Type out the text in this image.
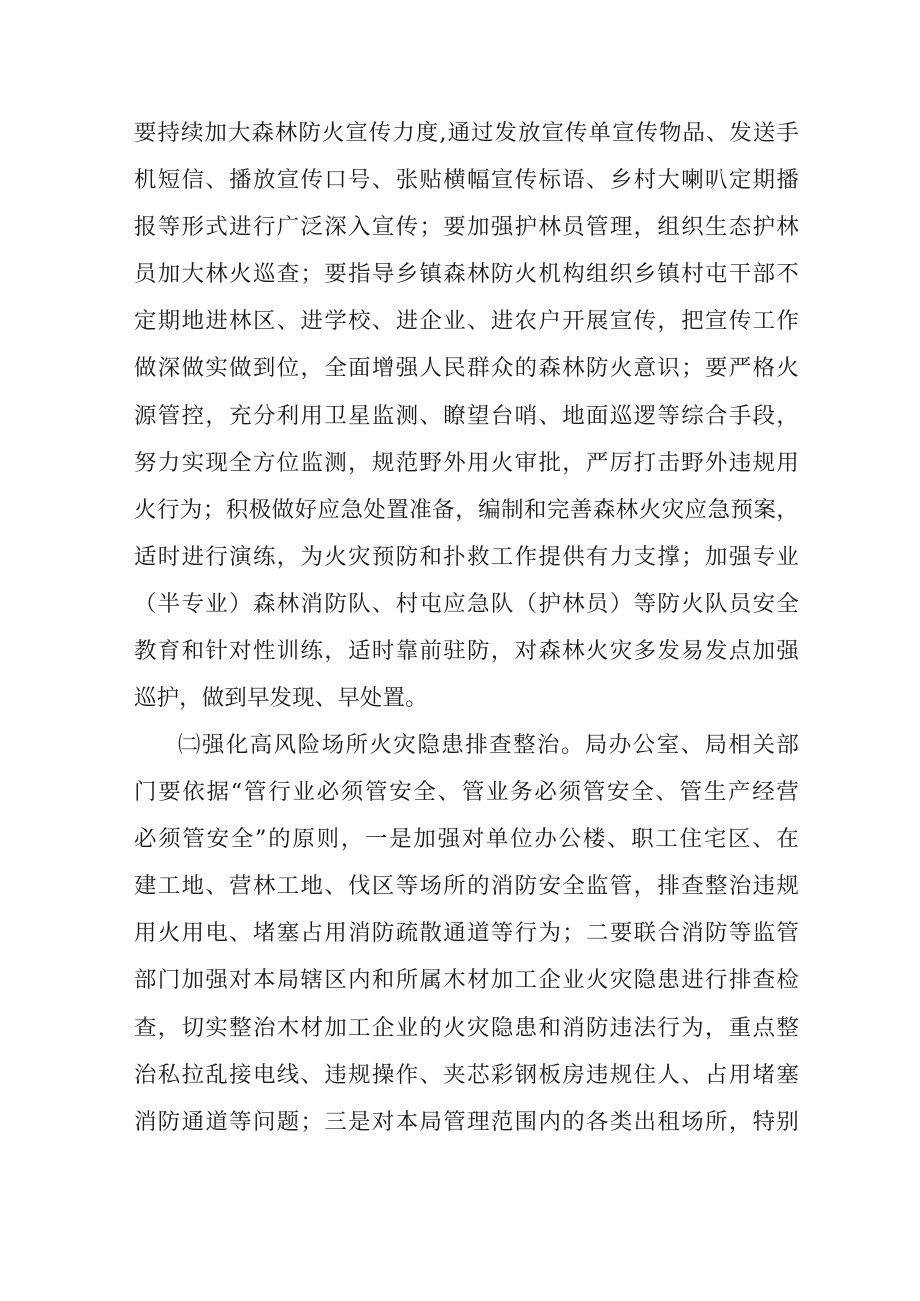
要持续加大森林防火宣传力度,通过发放宣传单宣传物品、发送手
机短信、播放宣传口号、张贴横幅宣传标语、乡村大喇叭定期播
报等形式进行广泛深入宣传；要加强护林员管理，组织生态护林
员加大林火巡查；要指导乡镇森林防火机构组织乡镇村屯干部不
定期地进林区、进学校、进企业、进农户开展宣传，把宣传工作
做深做实做到位，全面增强人民群众的森林防火意识；要严格火
源管控，充分利用卫星监测、瞭望台哨、地面巡逻等综合手段，
努力实现全方位监测，规范野外用火审批，严厉打击野外违规用
火行为；积极做好应急处置准备，编制和完善森林火灾应急预案，
适时进行演练，为火灾预防和扑救工作提供有力支撑；加强专业
（半专业）森林消防队、村屯应急队（护林员）等防火队员安全
教育和针对性训练，适时靠前驻防，对森林火灾多发易发点加强
巡护，做到早发现、早处置。
㈡强化高风险场所火灾隐患排查整治。局办公室、局相关部
门要依据“管行业必须管安全、管业务必须管安全、管生产经营
必须管安全”的原则，一是加强对单位办公楼、职工住宅区、在
建工地、营林工地、伐区等场所的消防安全监管，排查整治违规
用火用电、堵塞占用消防疏散通道等行为；二要联合消防等监管
部门加强对本局辖区内和所属木材加工企业火灾隐患进行排查检
查，切实整治木材加工企业的火灾隐患和消防违法行为，重点整
治私拉乱接电线、违规操作、夹芯彩钢板房违规住人、占用堵塞
消防通道等问题；三是对本局管理范围内的各类出租场所，特别
